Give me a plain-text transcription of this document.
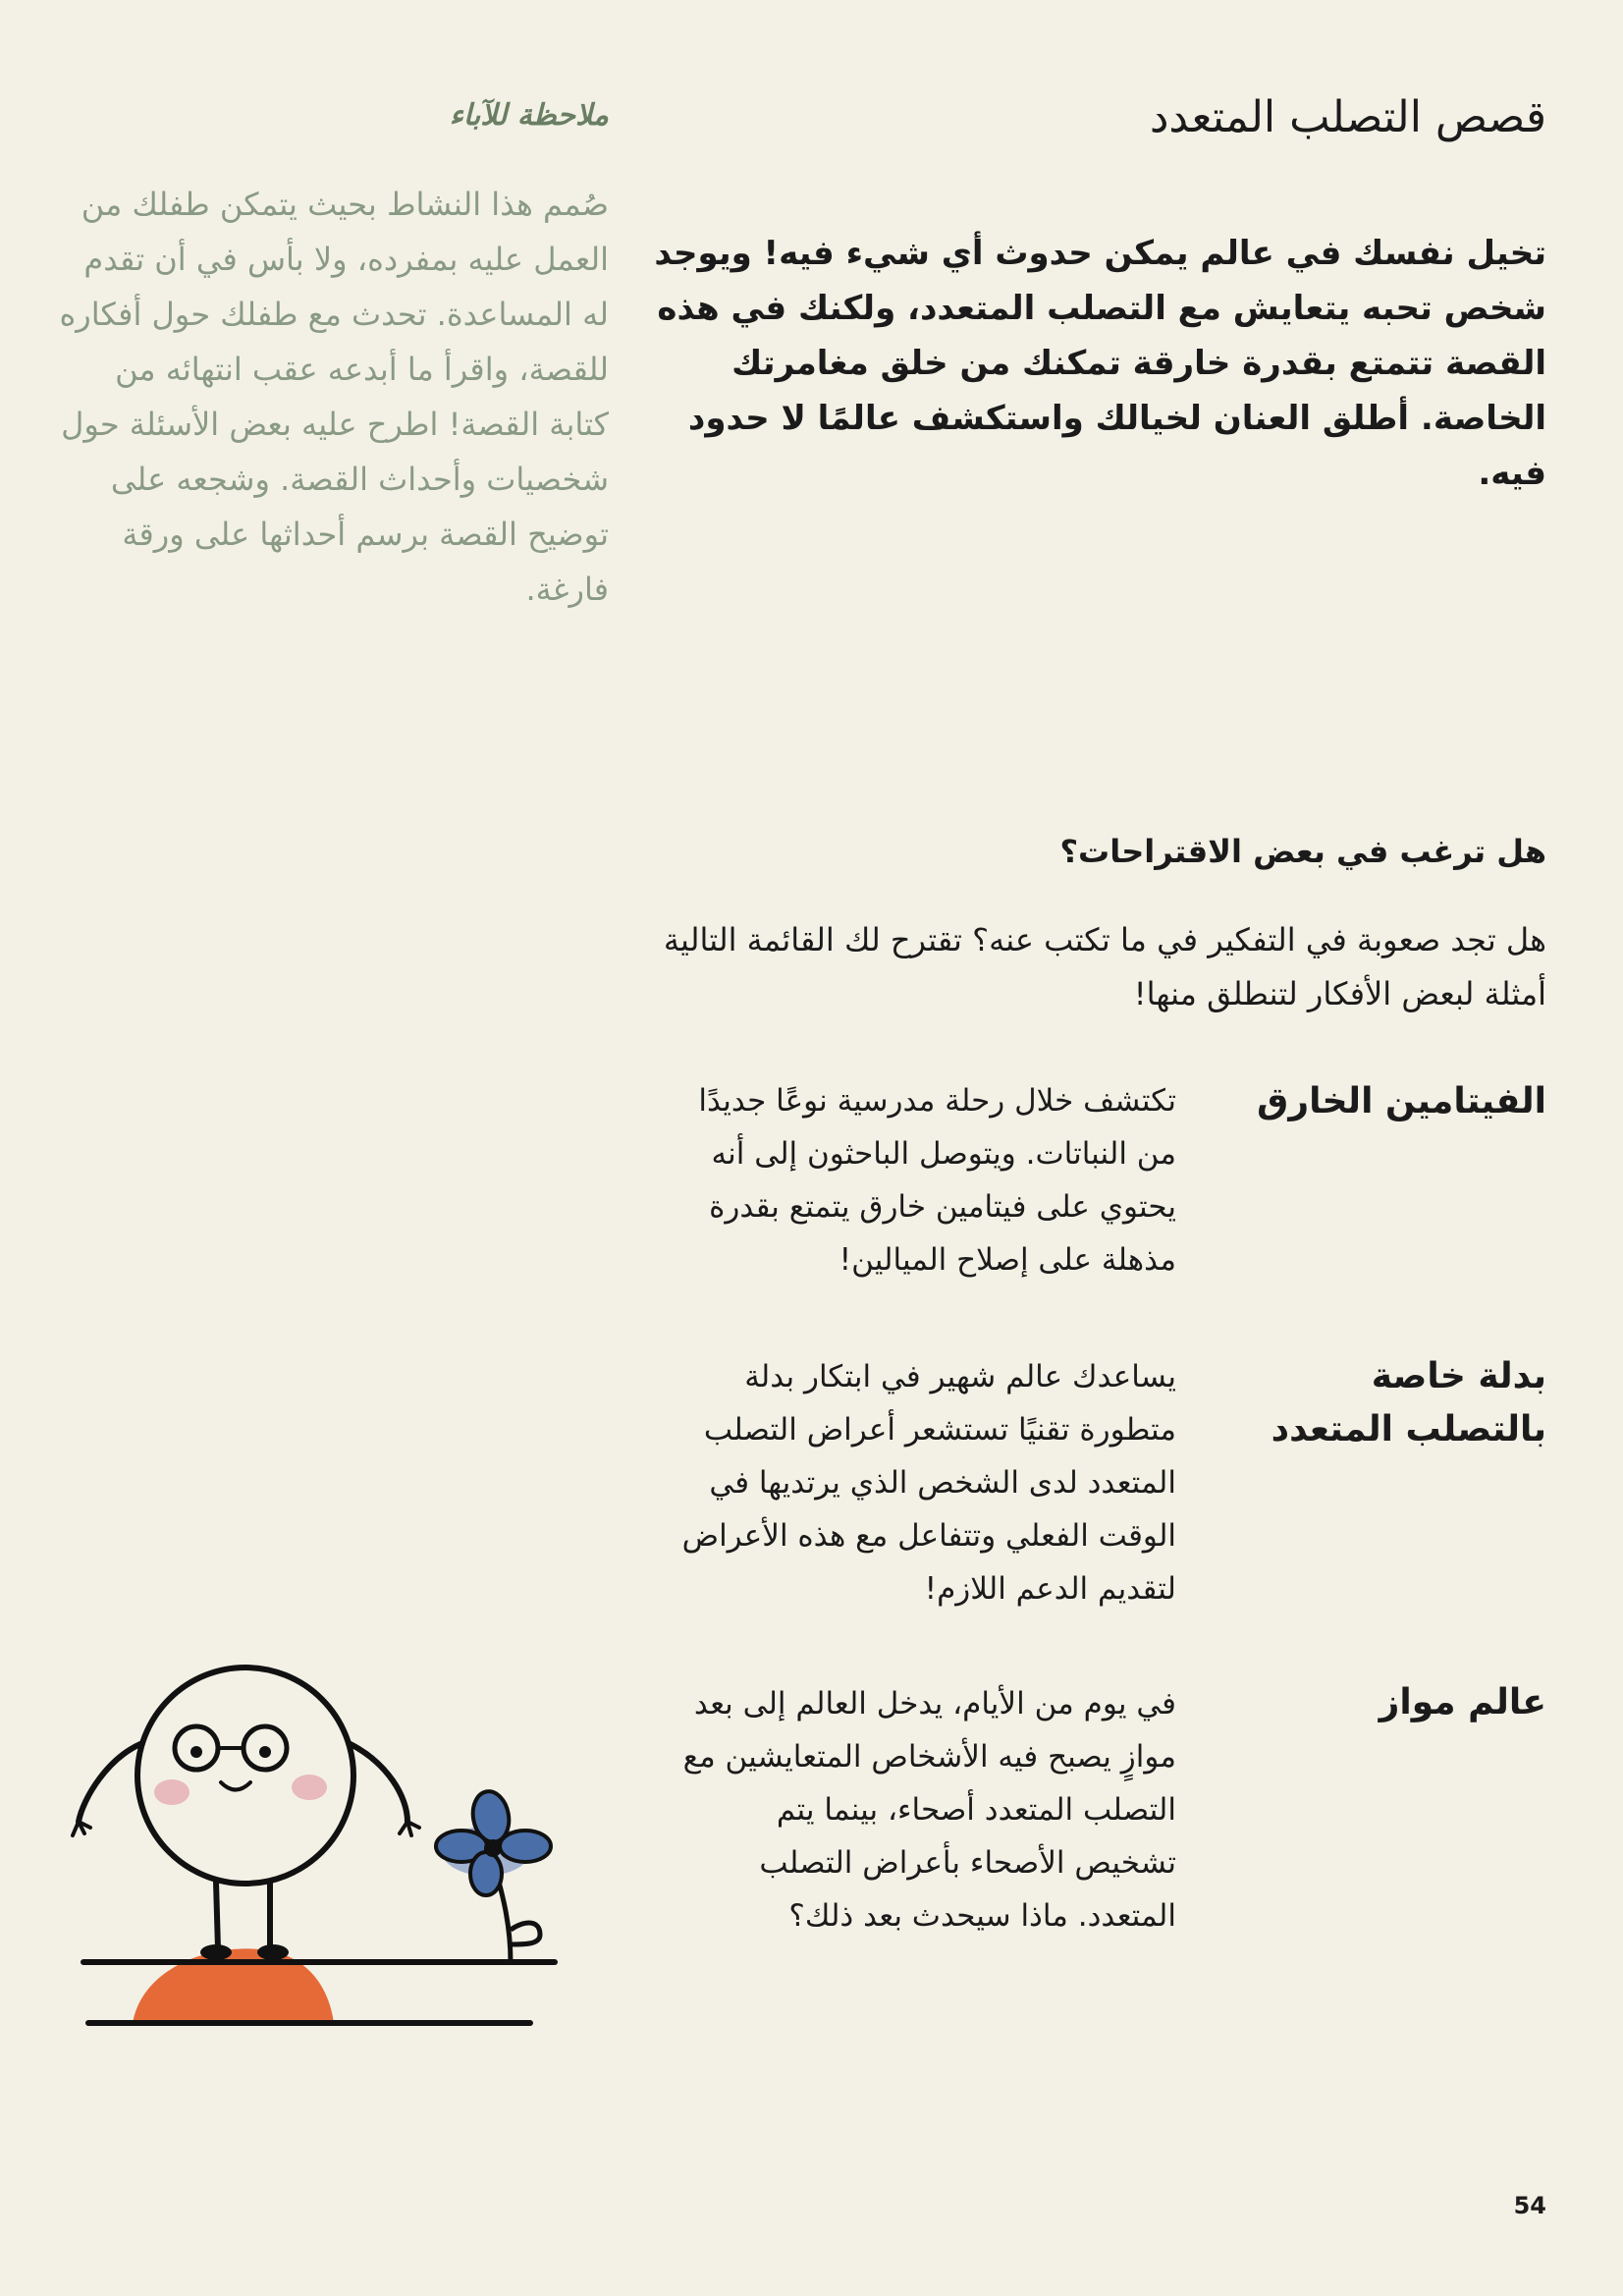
قصص التصلب المتعدد

تخيل نفسك في عالم يمكن حدوث أي شيء فيه! ويوجد شخص تحبه يتعايش مع التصلب المتعدد، ولكنك في هذه القصة تتمتع بقدرة خارقة تمكنك من خلق مغامرتك الخاصة. أطلق العنان لخيالك واستكشف عالمًا لا حدود فيه.

ملاحظة للآباء

صُمم هذا النشاط بحيث يتمكن طفلك من العمل عليه بمفرده، ولا بأس في أن تقدم له المساعدة. تحدث مع طفلك حول أفكاره للقصة، واقرأ ما أبدعه عقب انتهائه من كتابة القصة! اطرح عليه بعض الأسئلة حول شخصيات وأحداث القصة. وشجعه على توضيح القصة برسم أحداثها على ورقة فارغة.

هل ترغب في بعض الاقتراحات؟

هل تجد صعوبة في التفكير في ما تكتب عنه؟ تقترح لك القائمة التالية أمثلة لبعض الأفكار لتنطلق منها!

الفيتامين الخارق

تكتشف خلال رحلة مدرسية نوعًا جديدًا من النباتات. ويتوصل الباحثون إلى أنه يحتوي على فيتامين خارق يتمتع بقدرة مذهلة على إصلاح الميالين!

بدلة خاصة بالتصلب المتعدد

يساعدك عالم شهير في ابتكار بدلة متطورة تقنيًا تستشعر أعراض التصلب المتعدد لدى الشخص الذي يرتديها في الوقت الفعلي وتتفاعل مع هذه الأعراض لتقديم الدعم اللازم!

عالم مواز

في يوم من الأيام، يدخل العالم إلى بعد موازٍ يصبح فيه الأشخاص المتعايشين مع التصلب المتعدد أصحاء، بينما يتم تشخيص الأصحاء بأعراض التصلب المتعدد. ماذا سيحدث بعد ذلك؟

54
